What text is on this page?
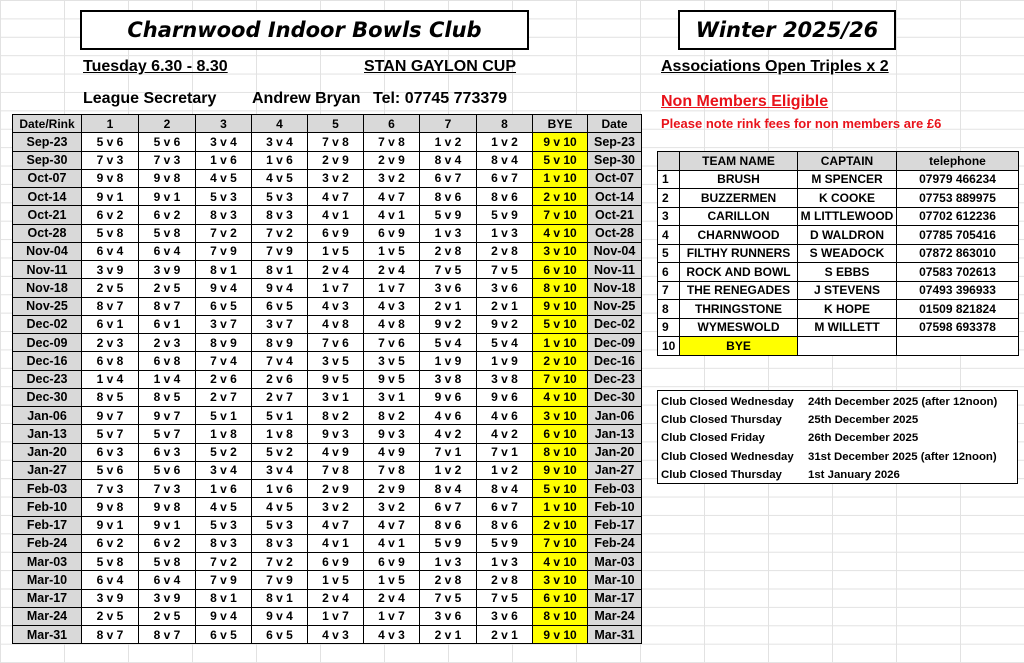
Charnwood Indoor Bowls Club	Winter 2025/26
Tuesday 6.30 - 8.30	STAN GAYLON CUP
League Secretary Andrew Bryan Tel: 07745 773379
Associations Open Triples x 2
Non Members Eligible
Please note rink fees for non members are £6
Date/Rink	1	2	3	4	5	6	7	8	BYE	Date
Sep-23	5 v 6	5 v 6	3 v 4	3 v 4	7 v 8	7 v 8	1 v 2	1 v 2	9 v 10	Sep-23
Sep-30	7 v 3	7 v 3	1 v 6	1 v 6	2 v 9	2 v 9	8 v 4	8 v 4	5 v 10	Sep-30
Oct-07	9 v 8	9 v 8	4 v 5	4 v 5	3 v 2	3 v 2	6 v 7	6 v 7	1 v 10	Oct-07
Oct-14	9 v 1	9 v 1	5 v 3	5 v 3	4 v 7	4 v 7	8 v 6	8 v 6	2 v 10	Oct-14
Oct-21	6 v 2	6 v 2	8 v 3	8 v 3	4 v 1	4 v 1	5 v 9	5 v 9	7 v 10	Oct-21
Oct-28	5 v 8	5 v 8	7 v 2	7 v 2	6 v 9	6 v 9	1 v 3	1 v 3	4 v 10	Oct-28
Nov-04	6 v 4	6 v 4	7 v 9	7 v 9	1 v 5	1 v 5	2 v 8	2 v 8	3 v 10	Nov-04
Nov-11	3 v 9	3 v 9	8 v 1	8 v 1	2 v 4	2 v 4	7 v 5	7 v 5	6 v 10	Nov-11
Nov-18	2 v 5	2 v 5	9 v 4	9 v 4	1 v 7	1 v 7	3 v 6	3 v 6	8 v 10	Nov-18
Nov-25	8 v 7	8 v 7	6 v 5	6 v 5	4 v 3	4 v 3	2 v 1	2 v 1	9 v 10	Nov-25
Dec-02	6 v 1	6 v 1	3 v 7	3 v 7	4 v 8	4 v 8	9 v 2	9 v 2	5 v 10	Dec-02
Dec-09	2 v 3	2 v 3	8 v 9	8 v 9	7 v 6	7 v 6	5 v 4	5 v 4	1 v 10	Dec-09
Dec-16	6 v 8	6 v 8	7 v 4	7 v 4	3 v 5	3 v 5	1 v 9	1 v 9	2 v 10	Dec-16
Dec-23	1 v 4	1 v 4	2 v 6	2 v 6	9 v 5	9 v 5	3 v 8	3 v 8	7 v 10	Dec-23
Dec-30	8 v 5	8 v 5	2 v 7	2 v 7	3 v 1	3 v 1	9 v 6	9 v 6	4 v 10	Dec-30
Jan-06	9 v 7	9 v 7	5 v 1	5 v 1	8 v 2	8 v 2	4 v 6	4 v 6	3 v 10	Jan-06
Jan-13	5 v 7	5 v 7	1 v 8	1 v 8	9 v 3	9 v 3	4 v 2	4 v 2	6 v 10	Jan-13
Jan-20	6 v 3	6 v 3	5 v 2	5 v 2	4 v 9	4 v 9	7 v 1	7 v 1	8 v 10	Jan-20
Jan-27	5 v 6	5 v 6	3 v 4	3 v 4	7 v 8	7 v 8	1 v 2	1 v 2	9 v 10	Jan-27
Feb-03	7 v 3	7 v 3	1 v 6	1 v 6	2 v 9	2 v 9	8 v 4	8 v 4	5 v 10	Feb-03
Feb-10	9 v 8	9 v 8	4 v 5	4 v 5	3 v 2	3 v 2	6 v 7	6 v 7	1 v 10	Feb-10
Feb-17	9 v 1	9 v 1	5 v 3	5 v 3	4 v 7	4 v 7	8 v 6	8 v 6	2 v 10	Feb-17
Feb-24	6 v 2	6 v 2	8 v 3	8 v 3	4 v 1	4 v 1	5 v 9	5 v 9	7 v 10	Feb-24
Mar-03	5 v 8	5 v 8	7 v 2	7 v 2	6 v 9	6 v 9	1 v 3	1 v 3	4 v 10	Mar-03
Mar-10	6 v 4	6 v 4	7 v 9	7 v 9	1 v 5	1 v 5	2 v 8	2 v 8	3 v 10	Mar-10
Mar-17	3 v 9	3 v 9	8 v 1	8 v 1	2 v 4	2 v 4	7 v 5	7 v 5	6 v 10	Mar-17
Mar-24	2 v 5	2 v 5	9 v 4	9 v 4	1 v 7	1 v 7	3 v 6	3 v 6	8 v 10	Mar-24
Mar-31	8 v 7	8 v 7	6 v 5	6 v 5	4 v 3	4 v 3	2 v 1	2 v 1	9 v 10	Mar-31
	TEAM NAME	CAPTAIN	telephone
1	BRUSH	M SPENCER	07979 466234
2	BUZZERMEN	K COOKE	07753 889975
3	CARILLON	M LITTLEWOOD	07702 612236
4	CHARNWOOD	D WALDRON	07785 705416
5	FILTHY RUNNERS	S WEADOCK	07872 863010
6	ROCK AND BOWL	S EBBS	07583 702613
7	THE RENEGADES	J STEVENS	07493 396933
8	THRINGSTONE	K HOPE	01509 821824
9	WYMESWOLD	M WILLETT	07598 693378
10	BYE		
Club Closed Wednesday	24th December 2025 (after 12noon)
Club Closed Thursday	25th December 2025
Club Closed Friday	26th December 2025
Club Closed Wednesday	31st December 2025 (after 12noon)
Club Closed Thursday	1st January 2026
